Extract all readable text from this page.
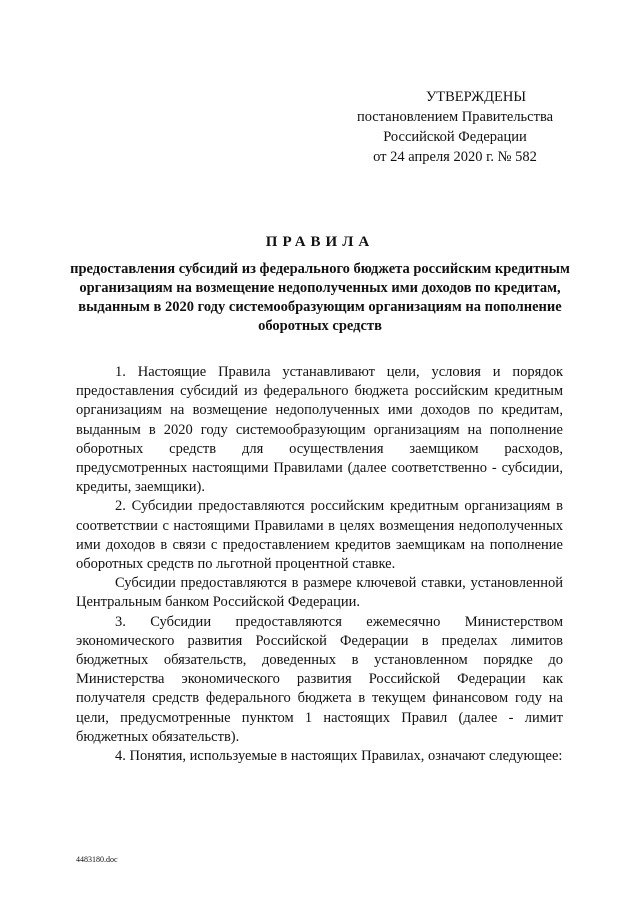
УТВЕРЖДЕНЫ
постановлением Правительства
Российской Федерации
от 24 апреля 2020 г. № 582
ПРАВИЛА
предоставления субсидий из федерального бюджета российским кредитным организациям на возмещение недополученных ими доходов по кредитам, выданным в 2020 году системообразующим организациям на пополнение оборотных средств

1. Настоящие Правила устанавливают цели, условия и порядок предоставления субсидий из федерального бюджета российским кредитным организациям на возмещение недополученных ими доходов по кредитам, выданным в 2020 году системообразующим организациям на пополнение оборотных средств для осуществления заемщиком расходов, предусмотренных настоящими Правилами (далее соответственно - субсидии, кредиты, заемщики).

2. Субсидии предоставляются российским кредитным организациям в соответствии с настоящими Правилами в целях возмещения недополученных ими доходов в связи с предоставлением кредитов заемщикам на пополнение оборотных средств по льготной процентной ставке.

Субсидии предоставляются в размере ключевой ставки, установленной Центральным банком Российской Федерации.

3. Субсидии предоставляются ежемесячно Министерством экономического развития Российской Федерации в пределах лимитов бюджетных обязательств, доведенных в установленном порядке до Министерства экономического развития Российской Федерации как получателя средств федерального бюджета в текущем финансовом году на цели, предусмотренные пунктом 1 настоящих Правил (далее - лимит бюджетных обязательств).

4. Понятия, используемые в настоящих Правилах, означают следующее:

4483180.doc
